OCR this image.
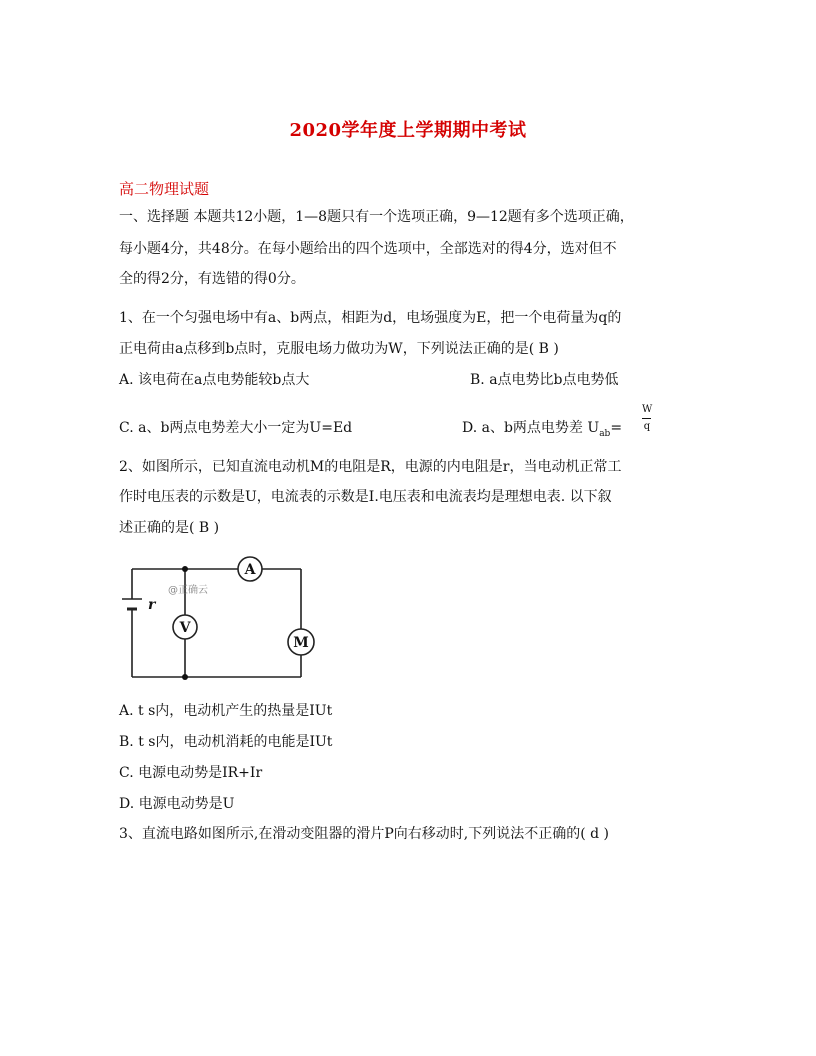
2020学年度上学期期中考试
高二物理试题
一、选择题 本题共12小题，1—8题只有一个选项正确，9—12题有多个选项正确，
每小题4分，共48分。在每小题给出的四个选项中，全部选对的得4分，选对但不
全的得2分，有选错的得0分。
1、在一个匀强电场中有a、b两点，相距为d，电场强度为E，把一个电荷量为q的
正电荷由a点移到b点时，克服电场力做功为W，下列说法正确的是( B )
A. 该电荷在a点电势能较b点大	B. a点电势比b点电势低
C. a、b两点电势差大小一定为U=Ed	D. a、b两点电势差 $U_{ab}=$
W
q
2、如图所示，已知直流电动机M的电阻是R，电源的内电阻是r，当电动机正常工
作时电压表的示数是U，电流表的示数是I.电压表和电流表均是理想电表. 以下叙
述正确的是( B )
r
A
V
M
@正确云
A. t s内，电动机产生的热量是IUt
B. t s内，电动机消耗的电能是IUt
C. 电源电动势是IR+Ir
D. 电源电动势是U
3、直流电路如图所示,在滑动变阻器的滑片P向右移动时,下列说法不正确的( d )
